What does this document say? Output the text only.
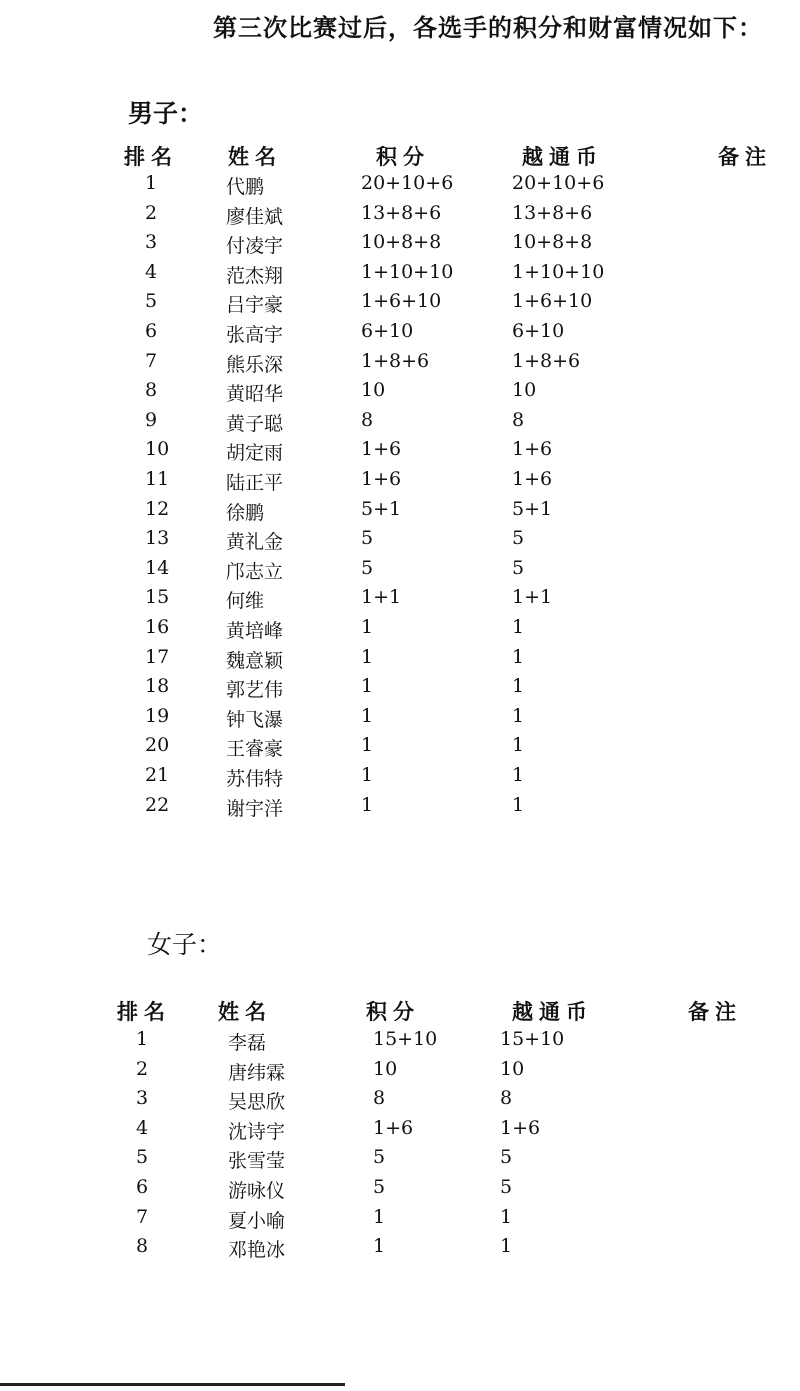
第三次比赛过后，各选手的积分和财富情况如下：
男子：
排名 姓名	积分	越通币	备注
1	代鹏	20+10+6	20+10+6
2	廖佳斌	13+8+6	13+8+6
3	付凌宇	10+8+8	10+8+8
4	范杰翔	1+10+10	1+10+10
5	吕宇豪	1+6+10	1+6+10
6	张高宇	6+10	6+10
7	熊乐深	1+8+6	1+8+6
8	黄昭华	10	10
9	黄子聪	8	8
10	胡定雨	1+6	1+6
11	陆正平	1+6	1+6
12	徐鹏	5+1	5+1
13	黄礼金	5	5
14	邝志立	5	5
15	何维	1+1	1+1
16	黄培峰	1	1
17	魏意颖	1	1
18	郭艺伟	1	1
19	钟飞瀑	1	1
20	王睿豪	1	1
21	苏伟特	1	1
22	谢宇洋	1	1
女子：
排名 姓名	积分	越通币	备注
1	李磊	15+10	15+10
2	唐纬霖	10	10
3	吴思欣	8	8
4	沈诗宇	1+6	1+6
5	张雪莹	5	5
6	游咏仪	5	5
7	夏小喻	1	1
8	邓艳冰	1	1
